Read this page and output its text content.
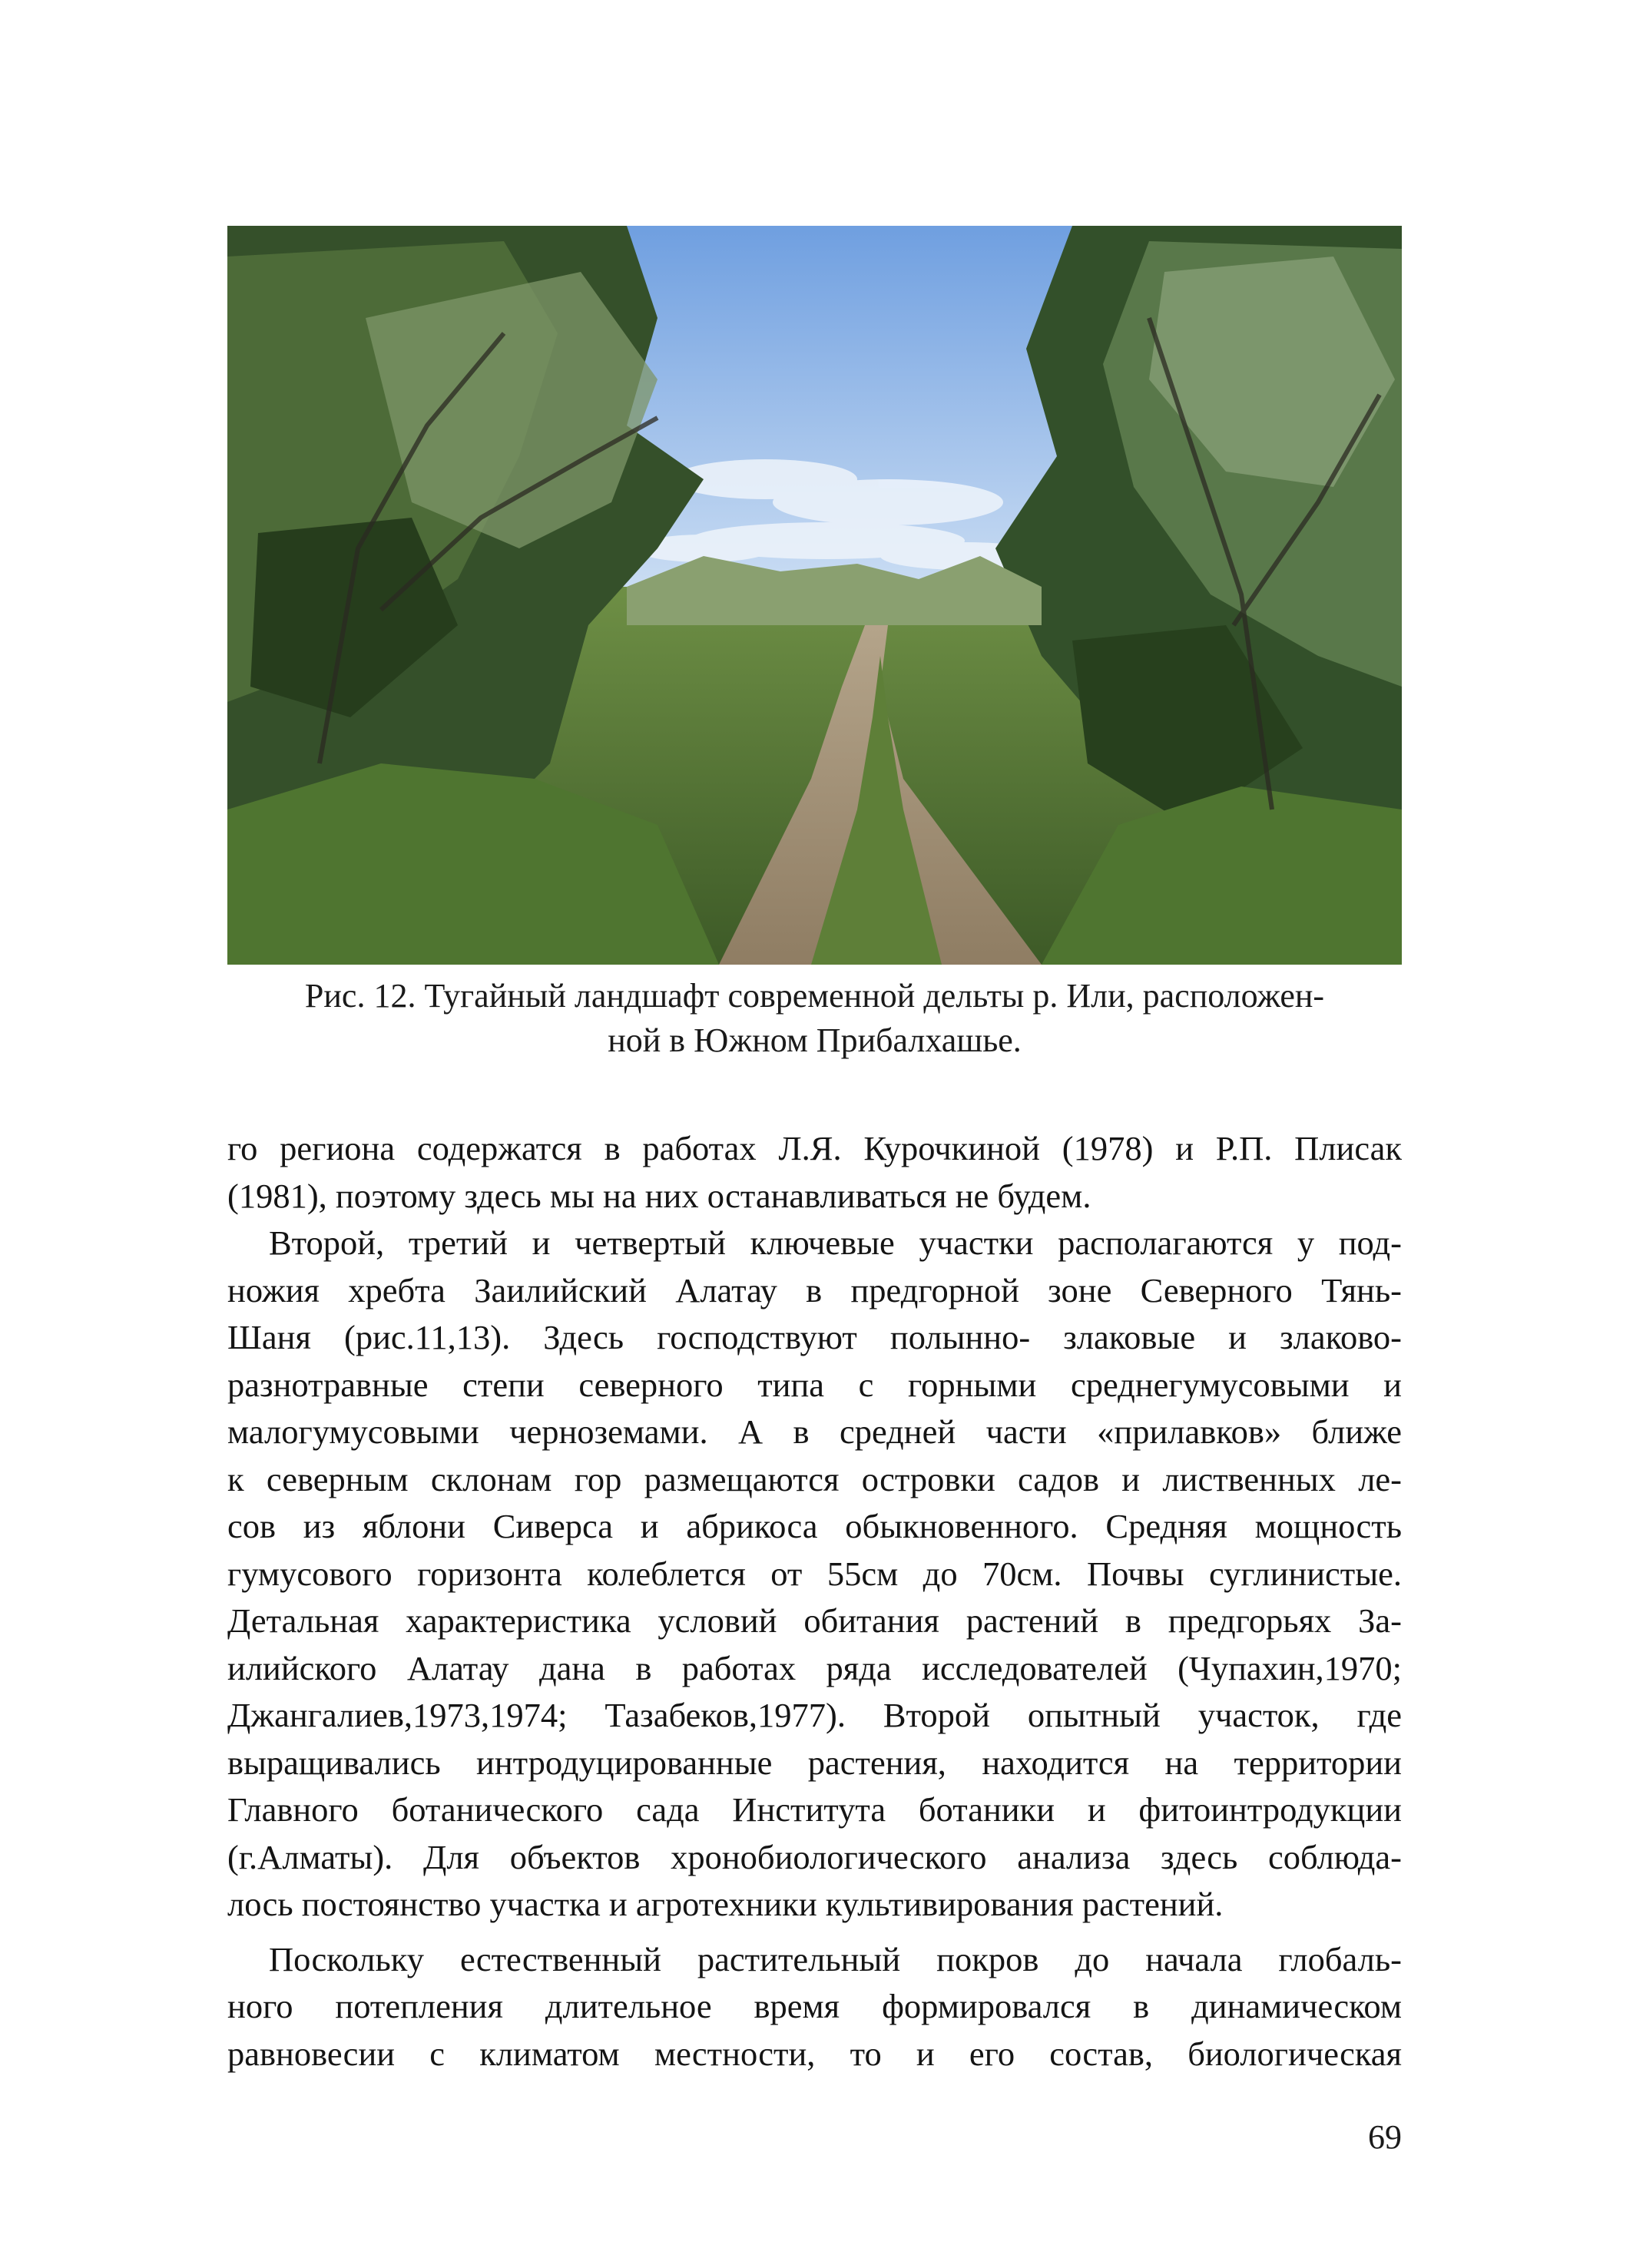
Рис. 12. Тугайный ландшафт современной дельты р. Или, расположен-
ной в Южном Прибалхашье.
го региона содержатся в работах Л.Я. Курочкиной (1978) и Р.П. Плисак
(1981), поэтому здесь мы на них останавливаться не будем.
Второй, третий и четвертый ключевые участки располагаются у под-
ножия хребта Заилийский Алатау в предгорной зоне Северного Тянь-
Шаня (рис.11,13). Здесь господствуют полынно- злаковые и злаково-
разнотравные степи северного типа с горными среднегумусовыми и
малогумусовыми черноземами. А в средней части «прилавков» ближе
к северным склонам гор размещаются островки садов и лиственных ле-
сов из яблони Сиверса и абрикоса обыкновенного. Средняя мощность
гумусового горизонта колеблется от 55см до 70см. Почвы суглинистые.
Детальная характеристика условий обитания растений в предгорьях За-
илийского Алатау дана в работах ряда исследователей (Чупахин,1970;
Джангалиев,1973,1974; Тазабеков,1977). Второй опытный участок, где
выращивались интродуцированные растения, находится на территории
Главного ботанического сада Института ботаники и фитоинтродукции
(г.Алматы). Для объектов хронобиологического анализа здесь соблюда-
лось постоянство участка и агротехники культивирования растений.
Поскольку естественный растительный покров до начала глобаль-
ного потепления длительное время формировался в динамическом
равновесии с климатом местности, то и его состав, биологическая
69
